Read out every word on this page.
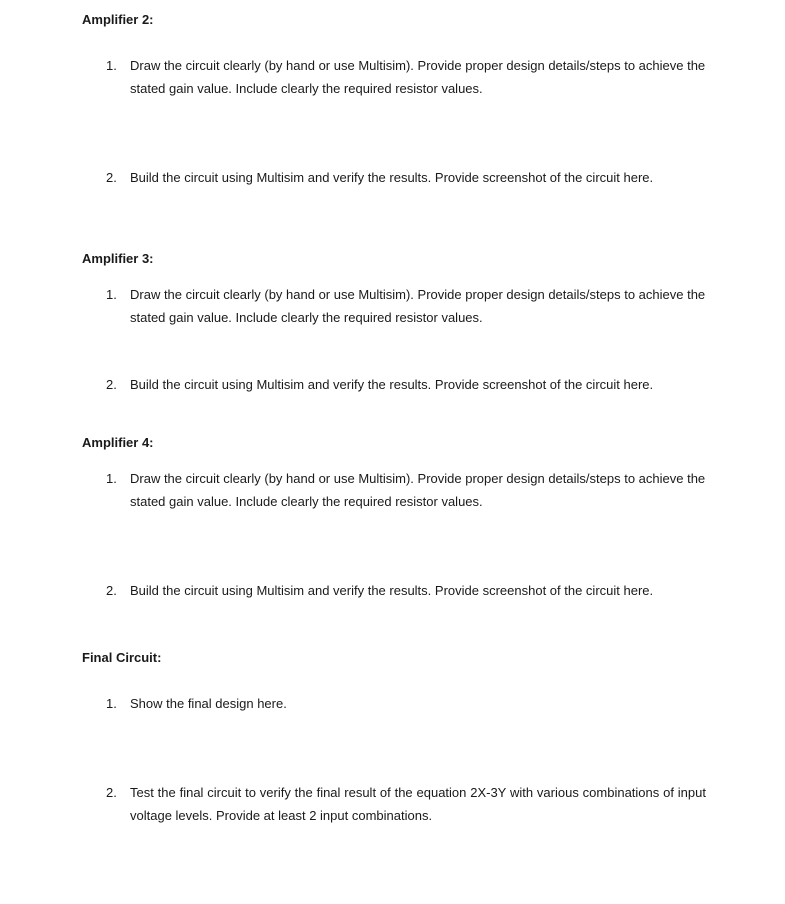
Amplifier 2:
1.	Draw the circuit clearly (by hand or use Multisim). Provide proper design details/steps to achieve the stated gain value. Include clearly the required resistor values.
2.	Build the circuit using Multisim and verify the results. Provide screenshot of the circuit here.
Amplifier 3:
1.	Draw the circuit clearly (by hand or use Multisim). Provide proper design details/steps to achieve the stated gain value. Include clearly the required resistor values.
2.	Build the circuit using Multisim and verify the results. Provide screenshot of the circuit here.
Amplifier 4:
1.	Draw the circuit clearly (by hand or use Multisim). Provide proper design details/steps to achieve the stated gain value. Include clearly the required resistor values.
2.	Build the circuit using Multisim and verify the results. Provide screenshot of the circuit here.
Final Circuit:
1.	Show the final design here.
2.	Test the final circuit to verify the final result of the equation 2X-3Y with various combinations of input voltage levels. Provide at least 2 input combinations.
